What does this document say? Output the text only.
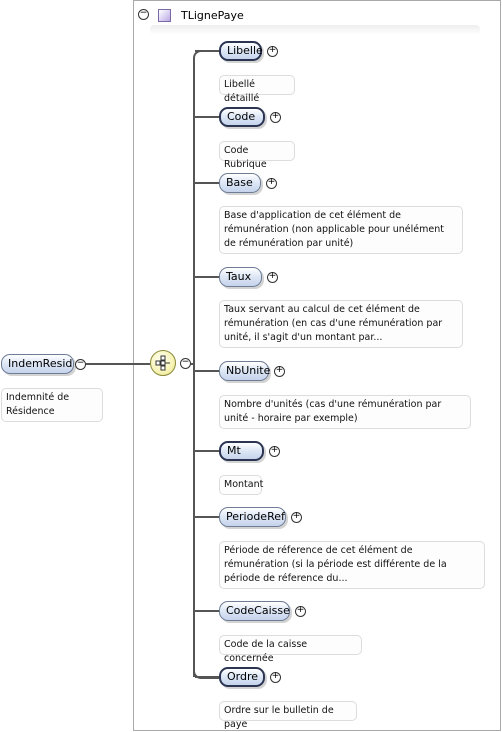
−	TLignePaye
IndemResid −
Indemnité de Résidence
−
Libelle +
Libellé détaillé
Code	+
Code Rubrique
Base	+
Base d'application de cet élément de rémunération (non applicable pour unélément de rémunération par unité)
Taux	+
Taux servant au calcul de cet élément de rémunération (en cas d'une rémunération par unité, il s'agit d'un montant par...
NbUnite +
Nombre d'unités (cas d'une rémunération par unité - horaire par exemple)
Mt	+
Montant
PeriodeRef +
Période de réference de cet élément de rémunération (si la période est différente de la période de réference du...
CodeCaisse +
Code de la caisse concernée
Ordre	+
Ordre sur le bulletin de paye
